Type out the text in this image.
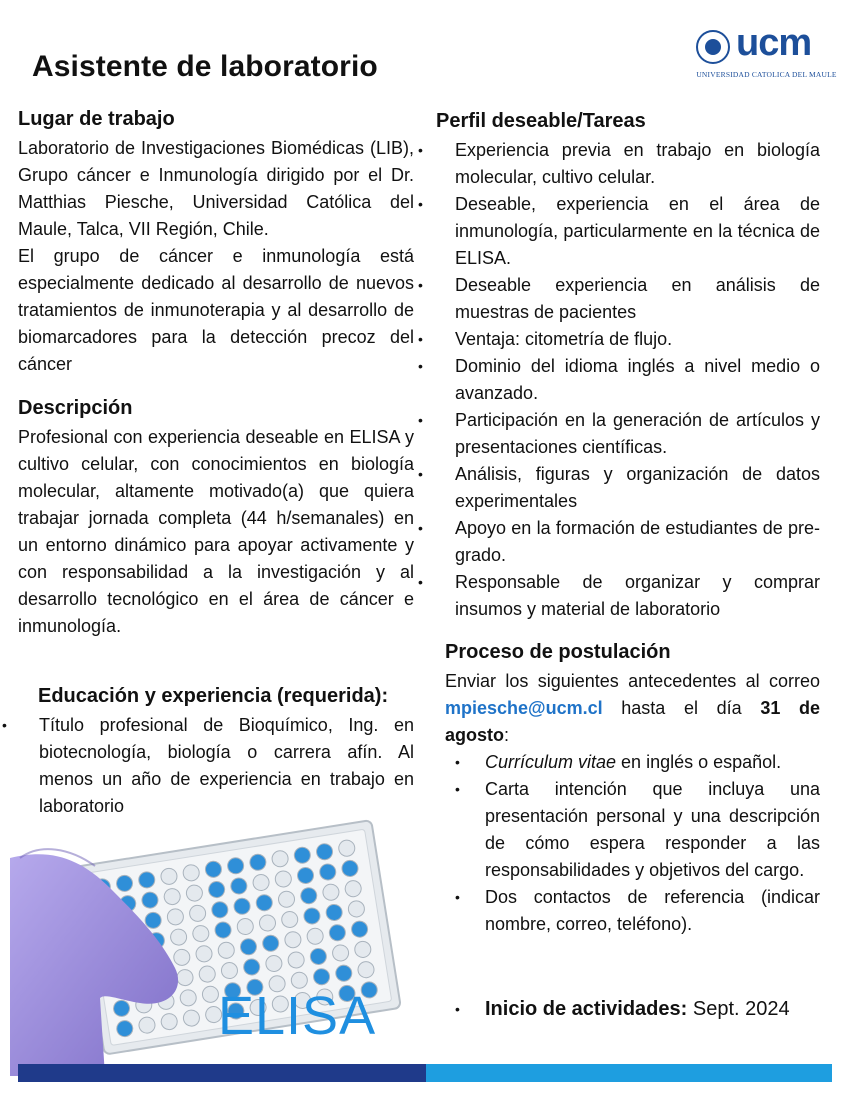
Asistente de laboratorio
ucm
UNIVERSIDAD CATOLICA DEL MAULE
Lugar de trabajo
Laboratorio de Investigaciones Biomédicas (LIB), Grupo cáncer e Inmunología dirigido por el Dr. Matthias Piesche, Universidad Católica del Maule, Talca, VII Región, Chile.
El grupo de cáncer e inmunología está especialmente dedicado al desarrollo de nuevos tratamientos de inmunoterapia y al desarrollo de biomarcadores para la detección precoz del cáncer
Descripción
Profesional con experiencia deseable en ELISA y cultivo celular, con conocimientos en biología molecular, altamente motivado(a) que quiera trabajar jornada completa (44 h/semanales) en un entorno dinámico para apoyar activamente y con responsabilidad a la investigación y al desarrollo tecnológico en el área de cáncer e inmunología.
Educación y experiencia (requerida):
• Título profesional de Bioquímico, Ing. en biotecnología, biología o carrera afín. Al menos un año de experiencia en trabajo en laboratorio
Perfil deseable/Tareas
• Experiencia previa en trabajo en biología molecular, cultivo celular.
• Deseable, experiencia en el área de inmunología, particularmente en la técnica de ELISA.
• Deseable experiencia en análisis de muestras de pacientes
• Ventaja: citometría de flujo.
• Dominio del idioma inglés a nivel medio o avanzado.
• Participación en la generación de artículos y presentaciones científicas.
• Análisis, figuras y organización de datos experimentales
• Apoyo en la formación de estudiantes de pre-grado.
• Responsable de organizar y comprar insumos y material de laboratorio
Proceso de postulación
Enviar los siguientes antecedentes al correo mpiesche@ucm.cl hasta el día 31 de agosto:
• Currículum vitae en inglés o español.
• Carta intención que incluya una presentación personal y una descripción de cómo espera responder a las responsabilidades y objetivos del cargo.
• Dos contactos de referencia (indicar nombre, correo, teléfono).
• Inicio de actividades: Sept. 2024
ELISA
